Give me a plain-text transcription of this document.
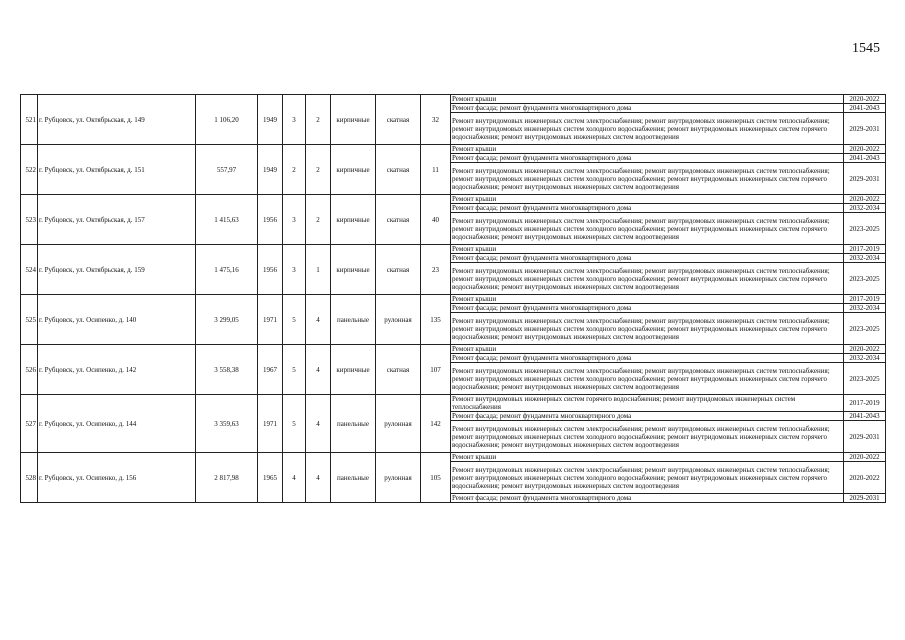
1545
521	г. Рубцовск, ул. Октябрьская, д. 149	1 106,20	1949	3	2	кирпичные	скатная	32	Ремонт крыши	2020-2022
									Ремонт фасада; ремонт фундамента многоквартирного дома	2041-2043
									Ремонт внутридомовых инженерных систем электроснабжения; ремонт внутридомовых инженерных систем теплоснабжения; ремонт внутридомовых инженерных систем холодного водоснабжения; ремонт внутридомовых инженерных систем горячего водоснабжения; ремонт внутридомовых инженерных систем водоотведения	2029-2031
522	г. Рубцовск, ул. Октябрьская, д. 151	557,97	1949	2	2	кирпичные	скатная	11	Ремонт крыши	2020-2022
									Ремонт фасада; ремонт фундамента многоквартирного дома	2041-2043
									Ремонт внутридомовых инженерных систем электроснабжения; ремонт внутридомовых инженерных систем теплоснабжения; ремонт внутридомовых инженерных систем холодного водоснабжения; ремонт внутридомовых инженерных систем горячего водоснабжения; ремонт внутридомовых инженерных систем водоотведения	2029-2031
523	г. Рубцовск, ул. Октябрьская, д. 157	1 415,63	1956	3	2	кирпичные	скатная	40	Ремонт крыши	2020-2022
									Ремонт фасада; ремонт фундамента многоквартирного дома	2032-2034
									Ремонт внутридомовых инженерных систем электроснабжения; ремонт внутридомовых инженерных систем теплоснабжения; ремонт внутридомовых инженерных систем холодного водоснабжения; ремонт внутридомовых инженерных систем горячего водоснабжения; ремонт внутридомовых инженерных систем водоотведения	2023-2025
524	г. Рубцовск, ул. Октябрьская, д. 159	1 475,16	1956	3	1	кирпичные	скатная	23	Ремонт крыши	2017-2019
									Ремонт фасада; ремонт фундамента многоквартирного дома	2032-2034
									Ремонт внутридомовых инженерных систем электроснабжения; ремонт внутридомовых инженерных систем теплоснабжения; ремонт внутридомовых инженерных систем холодного водоснабжения; ремонт внутридомовых инженерных систем горячего водоснабжения; ремонт внутридомовых инженерных систем водоотведения	2023-2025
525	г. Рубцовск, ул. Осипенко, д. 140	3 299,05	1971	5	4	панельные	рулонная	135	Ремонт крыши	2017-2019
									Ремонт фасада; ремонт фундамента многоквартирного дома	2032-2034
									Ремонт внутридомовых инженерных систем электроснабжения; ремонт внутридомовых инженерных систем теплоснабжения; ремонт внутридомовых инженерных систем холодного водоснабжения; ремонт внутридомовых инженерных систем горячего водоснабжения; ремонт внутридомовых инженерных систем водоотведения	2023-2025
526	г. Рубцовск, ул. Осипенко, д. 142	3 558,38	1967	5	4	кирпичные	скатная	107	Ремонт крыши	2020-2022
									Ремонт фасада; ремонт фундамента многоквартирного дома	2032-2034
									Ремонт внутридомовых инженерных систем электроснабжения; ремонт внутридомовых инженерных систем теплоснабжения; ремонт внутридомовых инженерных систем холодного водоснабжения; ремонт внутридомовых инженерных систем горячего водоснабжения; ремонт внутридомовых инженерных систем водоотведения	2023-2025
527	г. Рубцовск, ул. Осипенко, д. 144	3 359,63	1971	5	4	панельные	рулонная	142	Ремонт внутридомовых инженерных систем горячего водоснабжения; ремонт внутридомовых инженерных систем теплоснабжения	2017-2019
									Ремонт фасада; ремонт фундамента многоквартирного дома	2041-2043
									Ремонт внутридомовых инженерных систем электроснабжения; ремонт внутридомовых инженерных систем теплоснабжения; ремонт внутридомовых инженерных систем холодного водоснабжения; ремонт внутридомовых инженерных систем горячего водоснабжения; ремонт внутридомовых инженерных систем водоотведения	2029-2031
528	г. Рубцовск, ул. Осипенко, д. 156	2 817,98	1965	4	4	панельные	рулонная	105	Ремонт крыши	2020-2022
									Ремонт внутридомовых инженерных систем электроснабжения; ремонт внутридомовых инженерных систем теплоснабжения; ремонт внутридомовых инженерных систем холодного водоснабжения; ремонт внутридомовых инженерных систем горячего водоснабжения; ремонт внутридомовых инженерных систем водоотведения	2020-2022
									Ремонт фасада; ремонт фундамента многоквартирного дома	2029-2031
